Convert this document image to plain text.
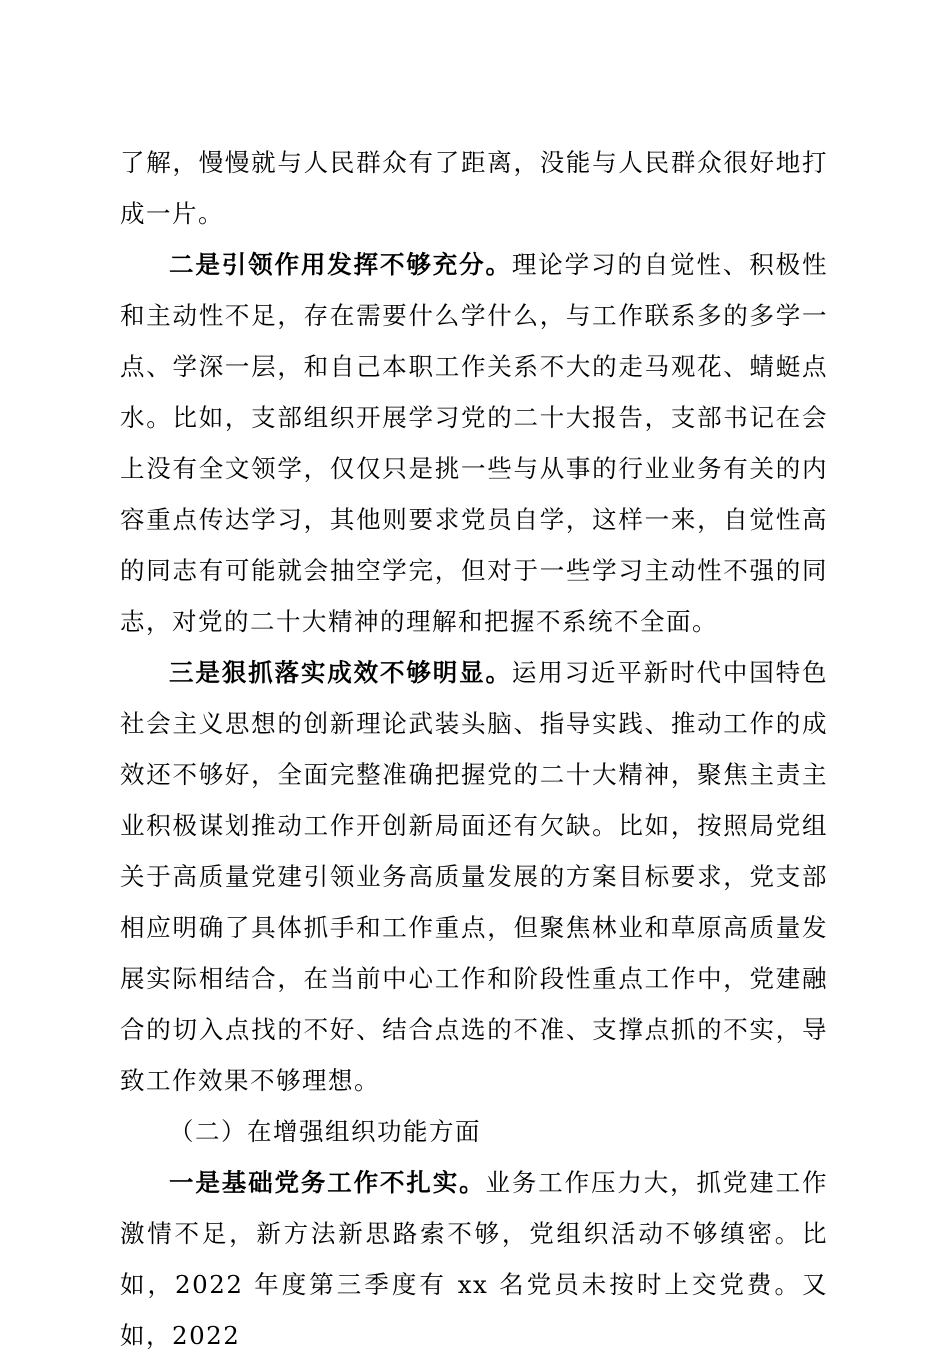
了解，慢慢就与人民群众有了距离，没能与人民群众很好地打成一片。

二是引领作用发挥不够充分。理论学习的自觉性、积极性和主动性不足，存在需要什么学什么，与工作联系多的多学一点、学深一层，和自己本职工作关系不大的走马观花、蜻蜓点水。比如，支部组织开展学习党的二十大报告，支部书记在会上没有全文领学，仅仅只是挑一些与从事的行业业务有关的内容重点传达学习，其他则要求党员自学，这样一来，自觉性高的同志有可能就会抽空学完，但对于一些学习主动性不强的同志，对党的二十大精神的理解和把握不系统不全面。

三是狠抓落实成效不够明显。运用习近平新时代中国特色社会主义思想的创新理论武装头脑、指导实践、推动工作的成效还不够好，全面完整准确把握党的二十大精神，聚焦主责主业积极谋划推动工作开创新局面还有欠缺。比如，按照局党组关于高质量党建引领业务高质量发展的方案目标要求，党支部相应明确了具体抓手和工作重点，但聚焦林业和草原高质量发展实际相结合，在当前中心工作和阶段性重点工作中，党建融合的切入点找的不好、结合点选的不准、支撑点抓的不实，导致工作效果不够理想。

（二）在增强组织功能方面

一是基础党务工作不扎实。业务工作压力大，抓党建工作激情不足，新方法新思路索不够，党组织活动不够缜密。比如，2022 年度第三季度有 xx 名党员未按时上交党费。又如，2022
